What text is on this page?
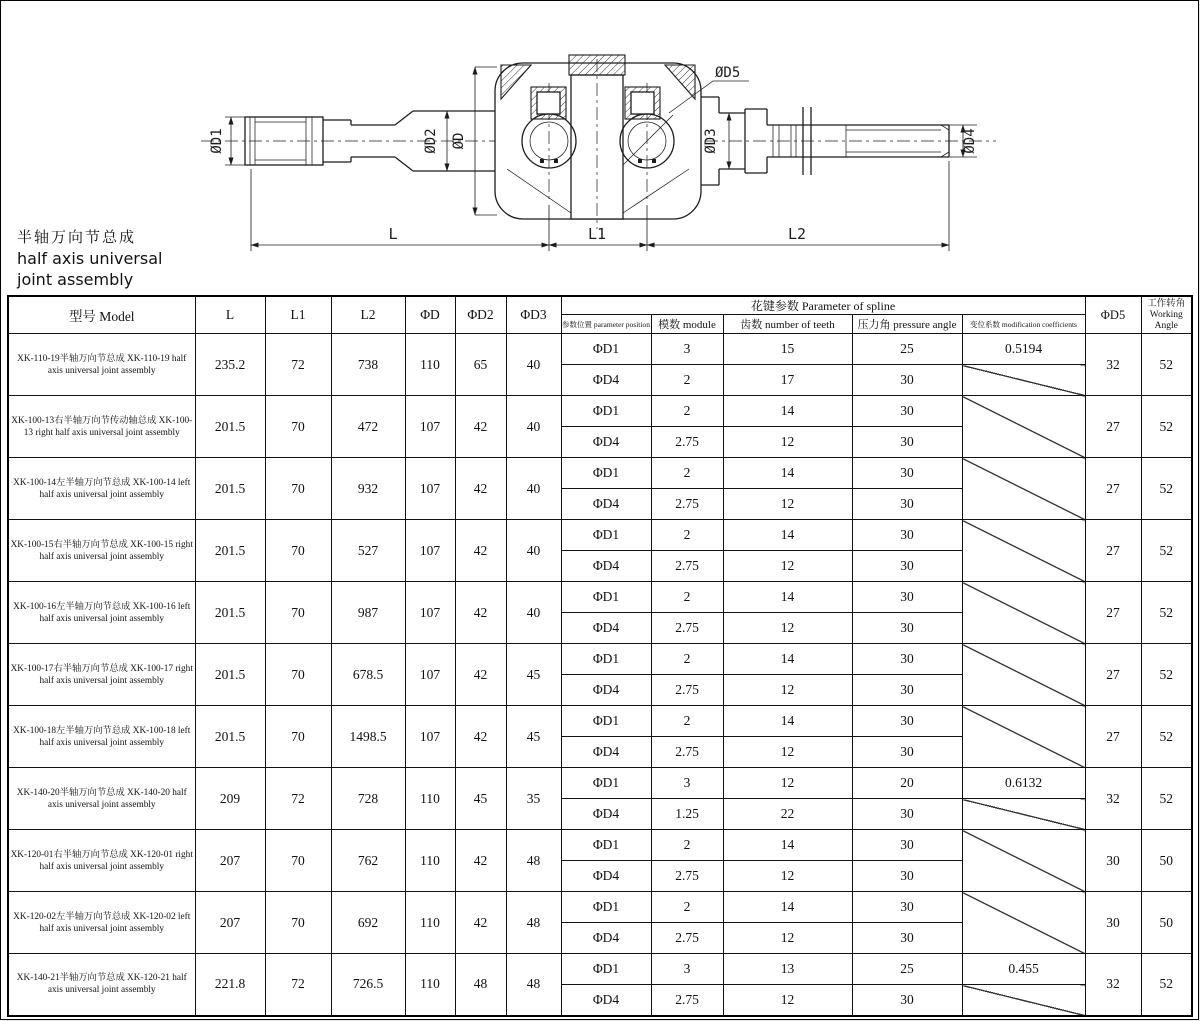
ØD1	ØD2 ØD
ØD5
ØD3	ØD4
L	L1	L2
半轴万向节总成
half axis universal
joint assembly
型号 Model	L	L1	L2	ΦD	ΦD2	ΦD3	花键参数 Parameter of spline					ΦD5	工作转角
Working Angle

							参数位置 parameter position	模数 module	齿数 number of teeth	压力角 pressure angle	变位系数 modification coefficients		
XK-110-19半轴万向节总成 XK-110-19 half axis universal joint assembly	235.2	72	738	110	65	40	ΦD1	3	15	25	0.5194	32	52
							ΦD4	2	17	30			
XK-100-13右半轴万向节传动轴总成 XK-100-13 right half axis universal joint assembly	201.5	70	472	107	42	40	ΦD1	2	14	30		27	52
							ΦD4	2.75	12	30			
XK-100-14左半轴万向节总成 XK-100-14 left half axis universal joint assembly	201.5	70	932	107	42	40	ΦD1	2	14	30		27	52
							ΦD4	2.75	12	30			
XK-100-15右半轴万向节总成 XK-100-15 right half axis universal joint assembly	201.5	70	527	107	42	40	ΦD1	2	14	30		27	52
							ΦD4	2.75	12	30			
XK-100-16左半轴万向节总成 XK-100-16 left half axis universal joint assembly	201.5	70	987	107	42	40	ΦD1	2	14	30		27	52
							ΦD4	2.75	12	30			
XK-100-17右半轴万向节总成 XK-100-17 right half axis universal joint assembly	201.5	70	678.5	107	42	45	ΦD1	2	14	30		27	52
							ΦD4	2.75	12	30			
XK-100-18左半轴万向节总成 XK-100-18 left half axis universal joint assembly	201.5	70	1498.5	107	42	45	ΦD1	2	14	30		27	52
							ΦD4	2.75	12	30			
XK-140-20半轴万向节总成 XK-140-20 half axis universal joint assembly	209	72	728	110	45	35	ΦD1	3	12	20	0.6132	32	52
							ΦD4	1.25	22	30			
XK-120-01右半轴万向节总成 XK-120-01 right half axis universal joint assembly	207	70	762	110	42	48	ΦD1	2	14	30		30	50
							ΦD4	2.75	12	30			
XK-120-02左半轴万向节总成 XK-120-02 left half axis universal joint assembly	207	70	692	110	42	48	ΦD1	2	14	30		30	50
							ΦD4	2.75	12	30			
XK-140-21半轴万向节总成 XK-120-21 half axis universal joint assembly	221.8	72	726.5	110	48	48	ΦD1	3	13	25	0.455	32	52
							ΦD4	2.75	12	30			
